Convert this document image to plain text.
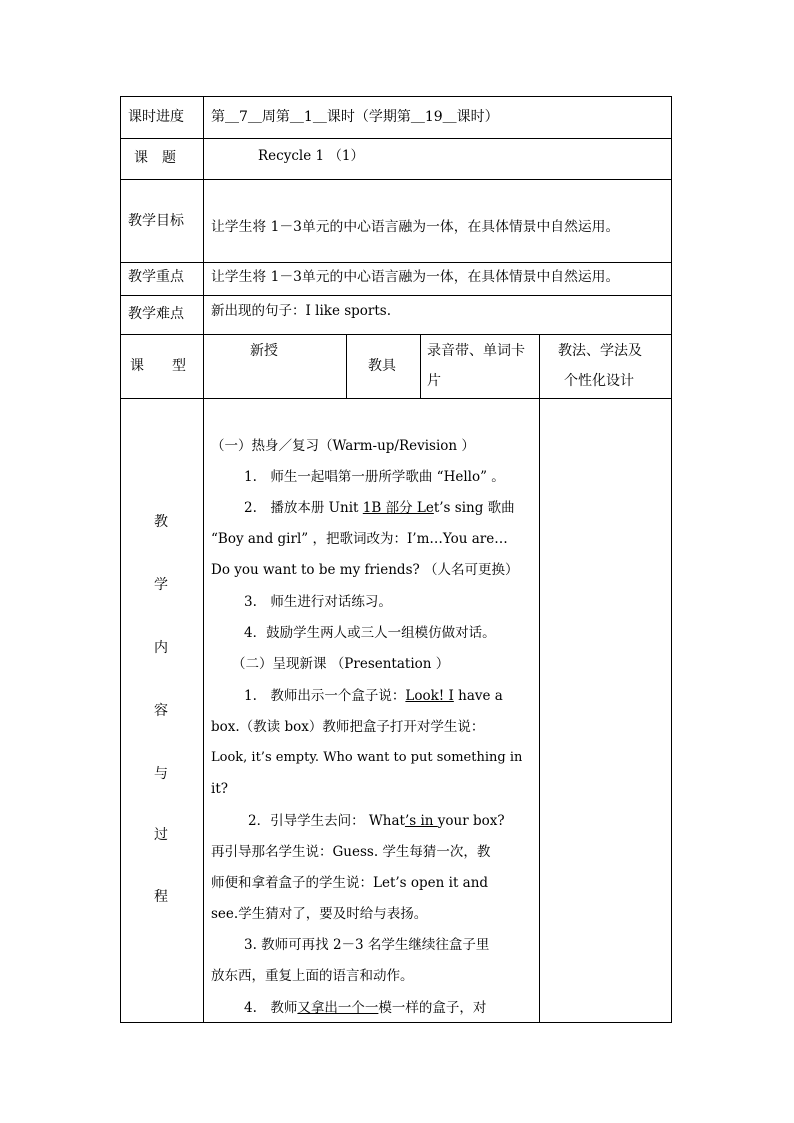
课时进度 第＿7＿周第＿1＿课时（学期第＿19＿课时）
课　题	Recycle 1 （1）
教学目标 让学生将 1－3单元的中心语言融为一体，在具体情景中自然运用。
教学重点 让学生将 1－3单元的中心语言融为一体，在具体情景中自然运用。
教学难点 新出现的句子：I like sports.
课　　型
新授
教具
录音带、单词卡
片
教法、学法及
个性化设计
教
学
内
容
与
过
程
（一）热身／复习（Warm-up/Revision ）
1.　师生一起唱第一册所学歌曲 “Hello” 。
2.　播放本册 Unit 1B 部分 Let’s sing 歌曲
“Boy and girl” ，把歌词改为：I’m…You are…
Do you want to be my friends? （人名可更换）
3.　师生进行对话练习。
4．鼓励学生两人或三人一组模仿做对话。
（二）呈现新课 （Presentation ）
1.　教师出示一个盒子说：Look! I have a
box.（教读 box）教师把盒子打开对学生说：
Look, it’s empty. Who want to put something in
it?
2．引导学生去问： What’s in your box?
再引导那名学生说：Guess. 学生每猜一次，教
师便和拿着盒子的学生说：Let’s open it and
see.学生猜对了，要及时给与表扬。
3. 教师可再找 2－3 名学生继续往盒子里
放东西，重复上面的语言和动作。
4.　教师又拿出一个一模一样的盒子，对
